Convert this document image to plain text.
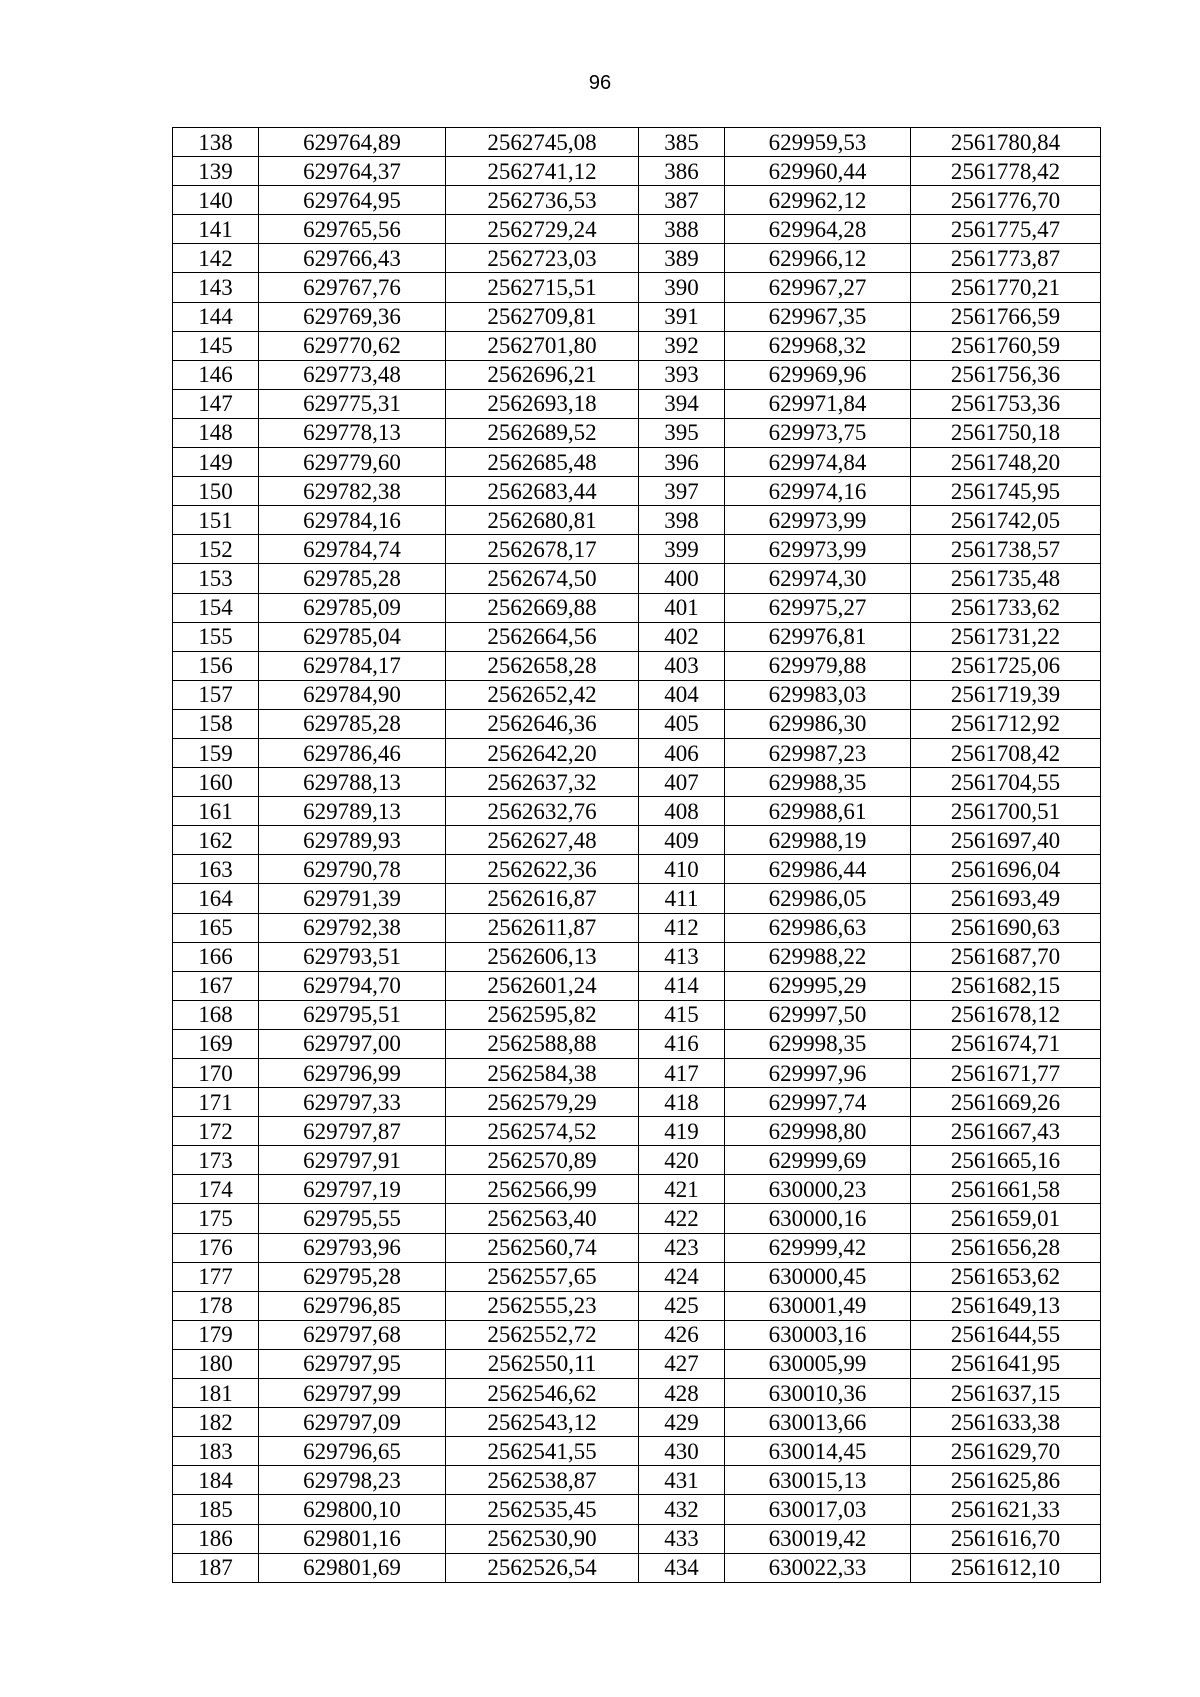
96
138	629764,89	2562745,08	385	629959,53	2561780,84
139	629764,37	2562741,12	386	629960,44	2561778,42
140	629764,95	2562736,53	387	629962,12	2561776,70
141	629765,56	2562729,24	388	629964,28	2561775,47
142	629766,43	2562723,03	389	629966,12	2561773,87
143	629767,76	2562715,51	390	629967,27	2561770,21
144	629769,36	2562709,81	391	629967,35	2561766,59
145	629770,62	2562701,80	392	629968,32	2561760,59
146	629773,48	2562696,21	393	629969,96	2561756,36
147	629775,31	2562693,18	394	629971,84	2561753,36
148	629778,13	2562689,52	395	629973,75	2561750,18
149	629779,60	2562685,48	396	629974,84	2561748,20
150	629782,38	2562683,44	397	629974,16	2561745,95
151	629784,16	2562680,81	398	629973,99	2561742,05
152	629784,74	2562678,17	399	629973,99	2561738,57
153	629785,28	2562674,50	400	629974,30	2561735,48
154	629785,09	2562669,88	401	629975,27	2561733,62
155	629785,04	2562664,56	402	629976,81	2561731,22
156	629784,17	2562658,28	403	629979,88	2561725,06
157	629784,90	2562652,42	404	629983,03	2561719,39
158	629785,28	2562646,36	405	629986,30	2561712,92
159	629786,46	2562642,20	406	629987,23	2561708,42
160	629788,13	2562637,32	407	629988,35	2561704,55
161	629789,13	2562632,76	408	629988,61	2561700,51
162	629789,93	2562627,48	409	629988,19	2561697,40
163	629790,78	2562622,36	410	629986,44	2561696,04
164	629791,39	2562616,87	411	629986,05	2561693,49
165	629792,38	2562611,87	412	629986,63	2561690,63
166	629793,51	2562606,13	413	629988,22	2561687,70
167	629794,70	2562601,24	414	629995,29	2561682,15
168	629795,51	2562595,82	415	629997,50	2561678,12
169	629797,00	2562588,88	416	629998,35	2561674,71
170	629796,99	2562584,38	417	629997,96	2561671,77
171	629797,33	2562579,29	418	629997,74	2561669,26
172	629797,87	2562574,52	419	629998,80	2561667,43
173	629797,91	2562570,89	420	629999,69	2561665,16
174	629797,19	2562566,99	421	630000,23	2561661,58
175	629795,55	2562563,40	422	630000,16	2561659,01
176	629793,96	2562560,74	423	629999,42	2561656,28
177	629795,28	2562557,65	424	630000,45	2561653,62
178	629796,85	2562555,23	425	630001,49	2561649,13
179	629797,68	2562552,72	426	630003,16	2561644,55
180	629797,95	2562550,11	427	630005,99	2561641,95
181	629797,99	2562546,62	428	630010,36	2561637,15
182	629797,09	2562543,12	429	630013,66	2561633,38
183	629796,65	2562541,55	430	630014,45	2561629,70
184	629798,23	2562538,87	431	630015,13	2561625,86
185	629800,10	2562535,45	432	630017,03	2561621,33
186	629801,16	2562530,90	433	630019,42	2561616,70
187	629801,69	2562526,54	434	630022,33	2561612,10
